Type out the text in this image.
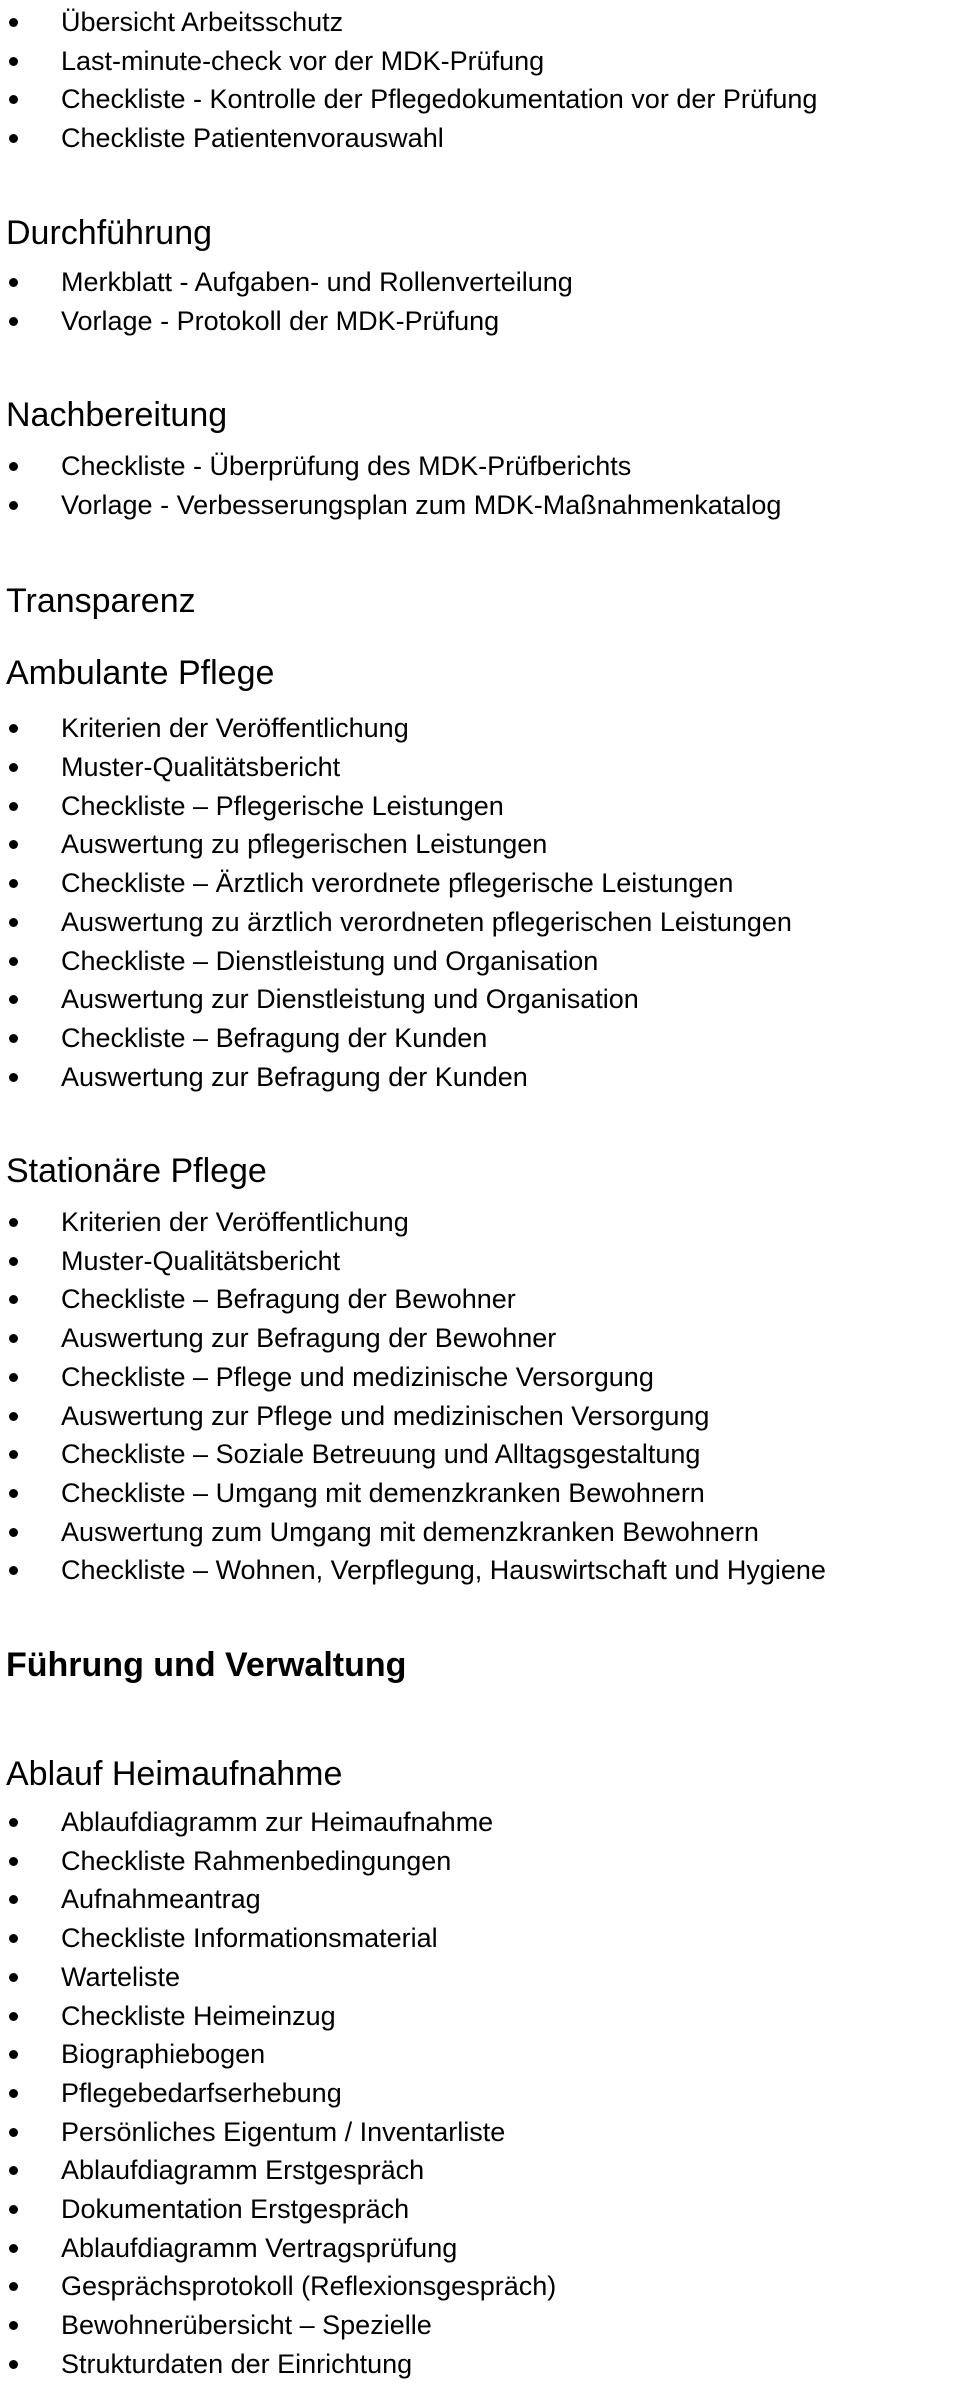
Übersicht Arbeitsschutz
Last-minute-check vor der MDK-Prüfung
Checkliste - Kontrolle der Pflegedokumentation vor der Prüfung
Checkliste Patientenvorauswahl
Durchführung
Merkblatt - Aufgaben- und Rollenverteilung
Vorlage - Protokoll der MDK-Prüfung
Nachbereitung
Checkliste - Überprüfung des MDK-Prüfberichts
Vorlage - Verbesserungsplan zum MDK-Maßnahmenkatalog
Transparenz
Ambulante Pflege
Kriterien der Veröffentlichung
Muster-Qualitätsbericht
Checkliste – Pflegerische Leistungen
Auswertung zu pflegerischen Leistungen
Checkliste – Ärztlich verordnete pflegerische Leistungen
Auswertung zu ärztlich verordneten pflegerischen Leistungen
Checkliste – Dienstleistung und Organisation
Auswertung zur Dienstleistung und Organisation
Checkliste – Befragung der Kunden
Auswertung zur Befragung der Kunden
Stationäre Pflege
Kriterien der Veröffentlichung
Muster-Qualitätsbericht
Checkliste – Befragung der Bewohner
Auswertung zur Befragung der Bewohner
Checkliste – Pflege und medizinische Versorgung
Auswertung zur Pflege und medizinischen Versorgung
Checkliste – Soziale Betreuung und Alltagsgestaltung
Checkliste – Umgang mit demenzkranken Bewohnern
Auswertung zum Umgang mit demenzkranken Bewohnern
Checkliste – Wohnen, Verpflegung, Hauswirtschaft und Hygiene
Führung und Verwaltung
Ablauf Heimaufnahme
Ablaufdiagramm zur Heimaufnahme
Checkliste Rahmenbedingungen
Aufnahmeantrag
Checkliste Informationsmaterial
Warteliste
Checkliste Heimeinzug
Biographiebogen
Pflegebedarfserhebung
Persönliches Eigentum / Inventarliste
Ablaufdiagramm Erstgespräch
Dokumentation Erstgespräch
Ablaufdiagramm Vertragsprüfung
Gesprächsprotokoll (Reflexionsgespräch)
Bewohnerübersicht – Spezielle
Strukturdaten der Einrichtung
